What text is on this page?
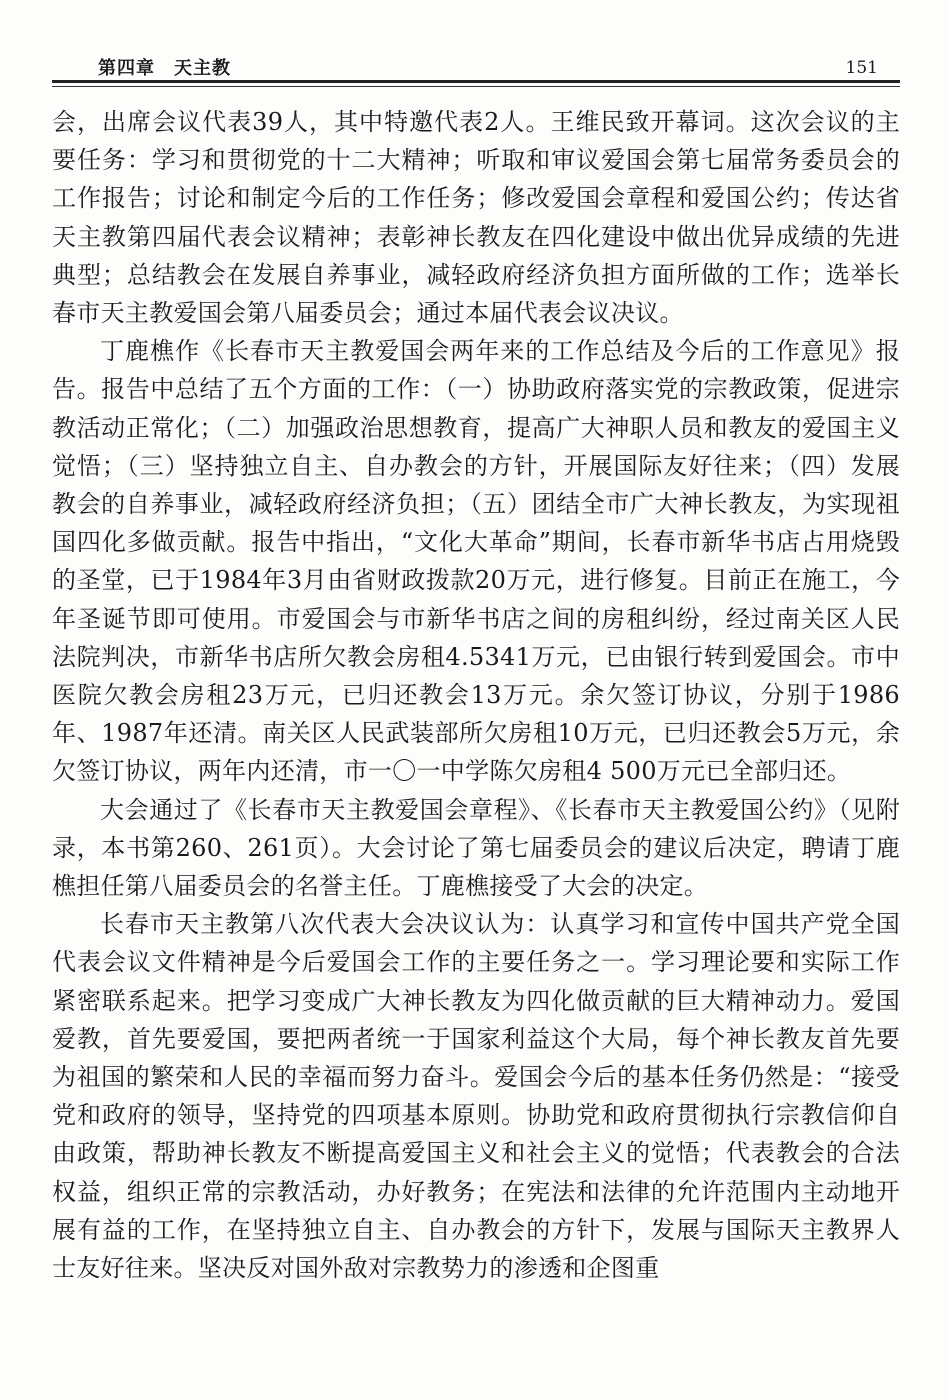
第四章　天主教	151

会，出席会议代表39人，其中特邀代表2人。王维民致开幕词。这次会议的主要任务：学习和贯彻党的十二大精神；听取和审议爱国会第七届常务委员会的工作报告；讨论和制定今后的工作任务；修改爱国会章程和爱国公约；传达省天主教第四届代表会议精神；表彰神长教友在四化建设中做出优异成绩的先进典型；总结教会在发展自养事业，减轻政府经济负担方面所做的工作；选举长春市天主教爱国会第八届委员会；通过本届代表会议决议。

丁鹿樵作《长春市天主教爱国会两年来的工作总结及今后的工作意见》报告。报告中总结了五个方面的工作：（一）协助政府落实党的宗教政策，促进宗教活动正常化；（二）加强政治思想教育，提高广大神职人员和教友的爱国主义觉悟；（三）坚持独立自主、自办教会的方针，开展国际友好往来；（四）发展教会的自养事业，减轻政府经济负担；（五）团结全市广大神长教友，为实现祖国四化多做贡献。报告中指出，“文化大革命”期间，长春市新华书店占用烧毁的圣堂，已于1984年3月由省财政拨款20万元，进行修复。目前正在施工，今年圣诞节即可使用。市爱国会与市新华书店之间的房租纠纷，经过南关区人民法院判决，市新华书店所欠教会房租4.5341万元，已由银行转到爱国会。市中医院欠教会房租23万元，已归还教会13万元。余欠签订协议，分别于1986年、1987年还清。南关区人民武装部所欠房租10万元，已归还教会5万元，余欠签订协议，两年内还清，市一〇一中学陈欠房租4 500万元已全部归还。

大会通过了《长春市天主教爱国会章程》、《长春市天主教爱国公约》（见附录，本书第260、261页）。大会讨论了第七届委员会的建议后决定，聘请丁鹿樵担任第八届委员会的名誉主任。丁鹿樵接受了大会的决定。

长春市天主教第八次代表大会决议认为：认真学习和宣传中国共产党全国代表会议文件精神是今后爱国会工作的主要任务之一。学习理论要和实际工作紧密联系起来。把学习变成广大神长教友为四化做贡献的巨大精神动力。爱国爱教，首先要爱国，要把两者统一于国家利益这个大局，每个神长教友首先要为祖国的繁荣和人民的幸福而努力奋斗。爱国会今后的基本任务仍然是：“接受党和政府的领导，坚持党的四项基本原则。协助党和政府贯彻执行宗教信仰自由政策，帮助神长教友不断提高爱国主义和社会主义的觉悟；代表教会的合法权益，组织正常的宗教活动，办好教务；在宪法和法律的允许范围内主动地开展有益的工作，在坚持独立自主、自办教会的方针下，发展与国际天主教界人士友好往来。坚决反对国外敌对宗教势力的渗透和企图重
